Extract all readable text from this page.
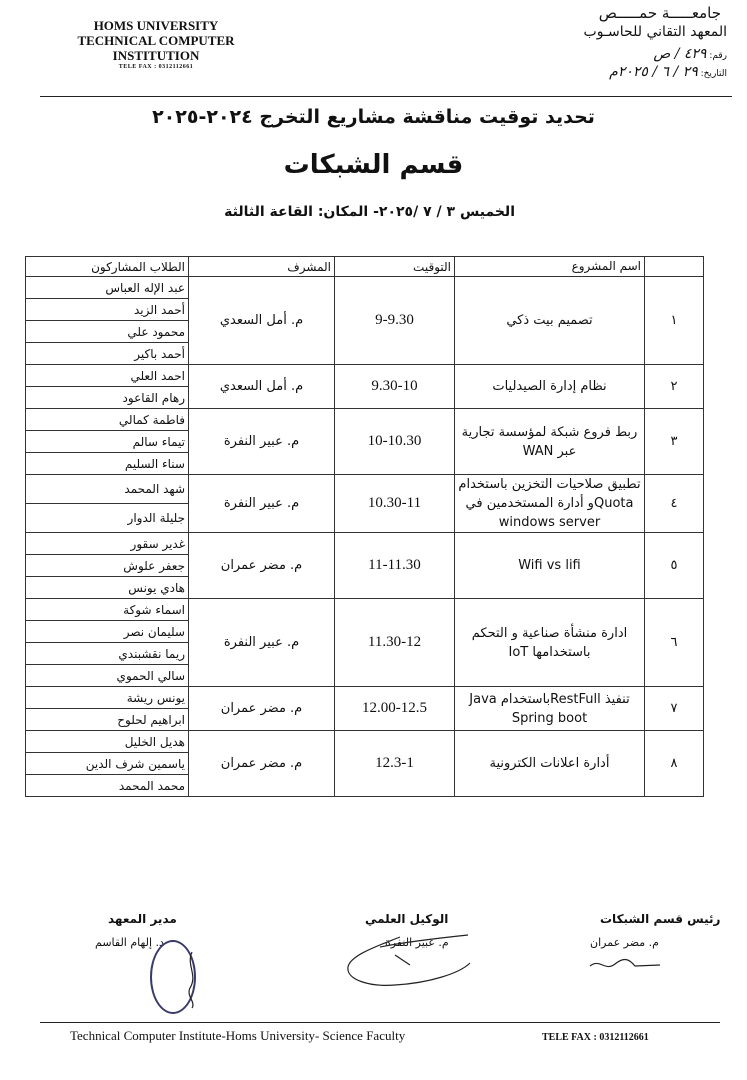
HOMS UNIVERSITY
TECHNICAL COMPUTER
INSTITUTION
TELE FAX : 0312112661
جامعـــــة حمـــــص
المعهد التقاني للحاسـوب
رقم: ٤٢٩ / ص
التاريخ: ٢٩ / ٦ / ٢٠٢٥م
تحديد توقيت مناقشة مشاريع التخرج ٢٠٢٤-٢٠٢٥
قسم الشبكات
الخميس ٣ / ٧ /٢٠٢٥- المكان: القاعة الثالثة
	اسم المشروع	التوقيت	المشرف	الطلاب المشاركون
١	تصميم بيت ذكي	9-9.30	م. أمل السعدي	عبد الإله العباس
				أحمد الزيد
				محمود علي
				أحمد باكير
٢	نظام إدارة الصيدليات	9.30-10	م. أمل السعدي	احمد العلي
				رهام القاعود
٣	ربط فروع شبكة لمؤسسة تجارية عبر WAN	10-10.30	م. عبير النفرة	فاطمة كمالي
				تيماء سالم
				سناء السليم
٤	تطبيق صلاحيات التخزين باستخدام Quotaو أدارة المستخدمين في windows server	10.30-11	م. عبير النفرة	شهد المحمد
				جليلة الدوار
٥	Wifi vs lifi	11-11.30	م. مضر عمران	غدير سقور
				جعفر علوش
				هادي يونس
٦	ادارة منشأة صناعية و التحكم باستخدامها IoT	11.30-12	م. عبير النفرة	اسماء شوكة
				سليمان نصر
				ريما نقشبندي
				سالي الحموي
٧	تنفيذ RestFullباستخدام Java Spring boot	12.00-12.5	م. مضر عمران	يونس ريشة
				ابراهيم لحلوح
٨	أدارة اعلانات الكترونية	12.3-1	م. مضر عمران	هديل الخليل
				ياسمين شرف الدين
				محمد المحمد
رئيس قسم الشبكات
م. مضر عمران
الوكيل العلمي
م. عبير النفرة
مدير المعهد
د. إلهام القاسم
Technical Computer Institute-Homs University- Science Faculty	TELE FAX : 0312112661
